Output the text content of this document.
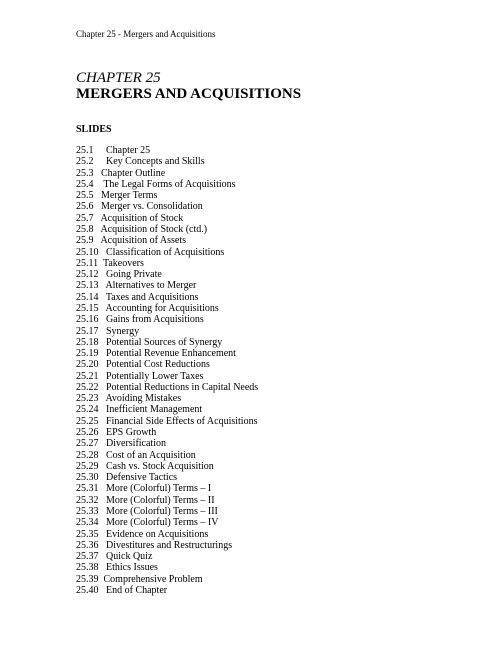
Chapter 25 - Mergers and Acquisitions
CHAPTER 25
MERGERS AND ACQUISITIONS
SLIDES
25.1     Chapter 25
25.2     Key Concepts and Skills
25.3   Chapter Outline
25.4    The Legal Forms of Acquisitions
25.5   Merger Terms
25.6   Merger vs. Consolidation
25.7   Acquisition of Stock
25.8   Acquisition of Stock (ctd.)
25.9   Acquisition of Assets
25.10   Classification of Acquisitions
25.11  Takeovers
25.12   Going Private
25.13   Alternatives to Merger
25.14   Taxes and Acquisitions
25.15   Accounting for Acquisitions
25.16   Gains from Acquisitions
25.17   Synergy
25.18   Potential Sources of Synergy
25.19   Potential Revenue Enhancement
25.20   Potential Cost Reductions
25.21   Potentially Lower Taxes
25.22   Potential Reductions in Capital Needs
25.23   Avoiding Mistakes
25.24   Inefficient Management
25.25   Financial Side Effects of Acquisitions
25.26   EPS Growth
25.27   Diversification
25.28   Cost of an Acquisition
25.29   Cash vs. Stock Acquisition
25.30   Defensive Tactics
25.31   More (Colorful) Terms – I
25.32   More (Colorful) Terms – II
25.33   More (Colorful) Terms – III
25.34   More (Colorful) Terms – IV
25.35   Evidence on Acquisitions
25.36   Divestitures and Restructurings
25.37   Quick Quiz
25.38   Ethics Issues
25.39  Comprehensive Problem
25.40   End of Chapter
